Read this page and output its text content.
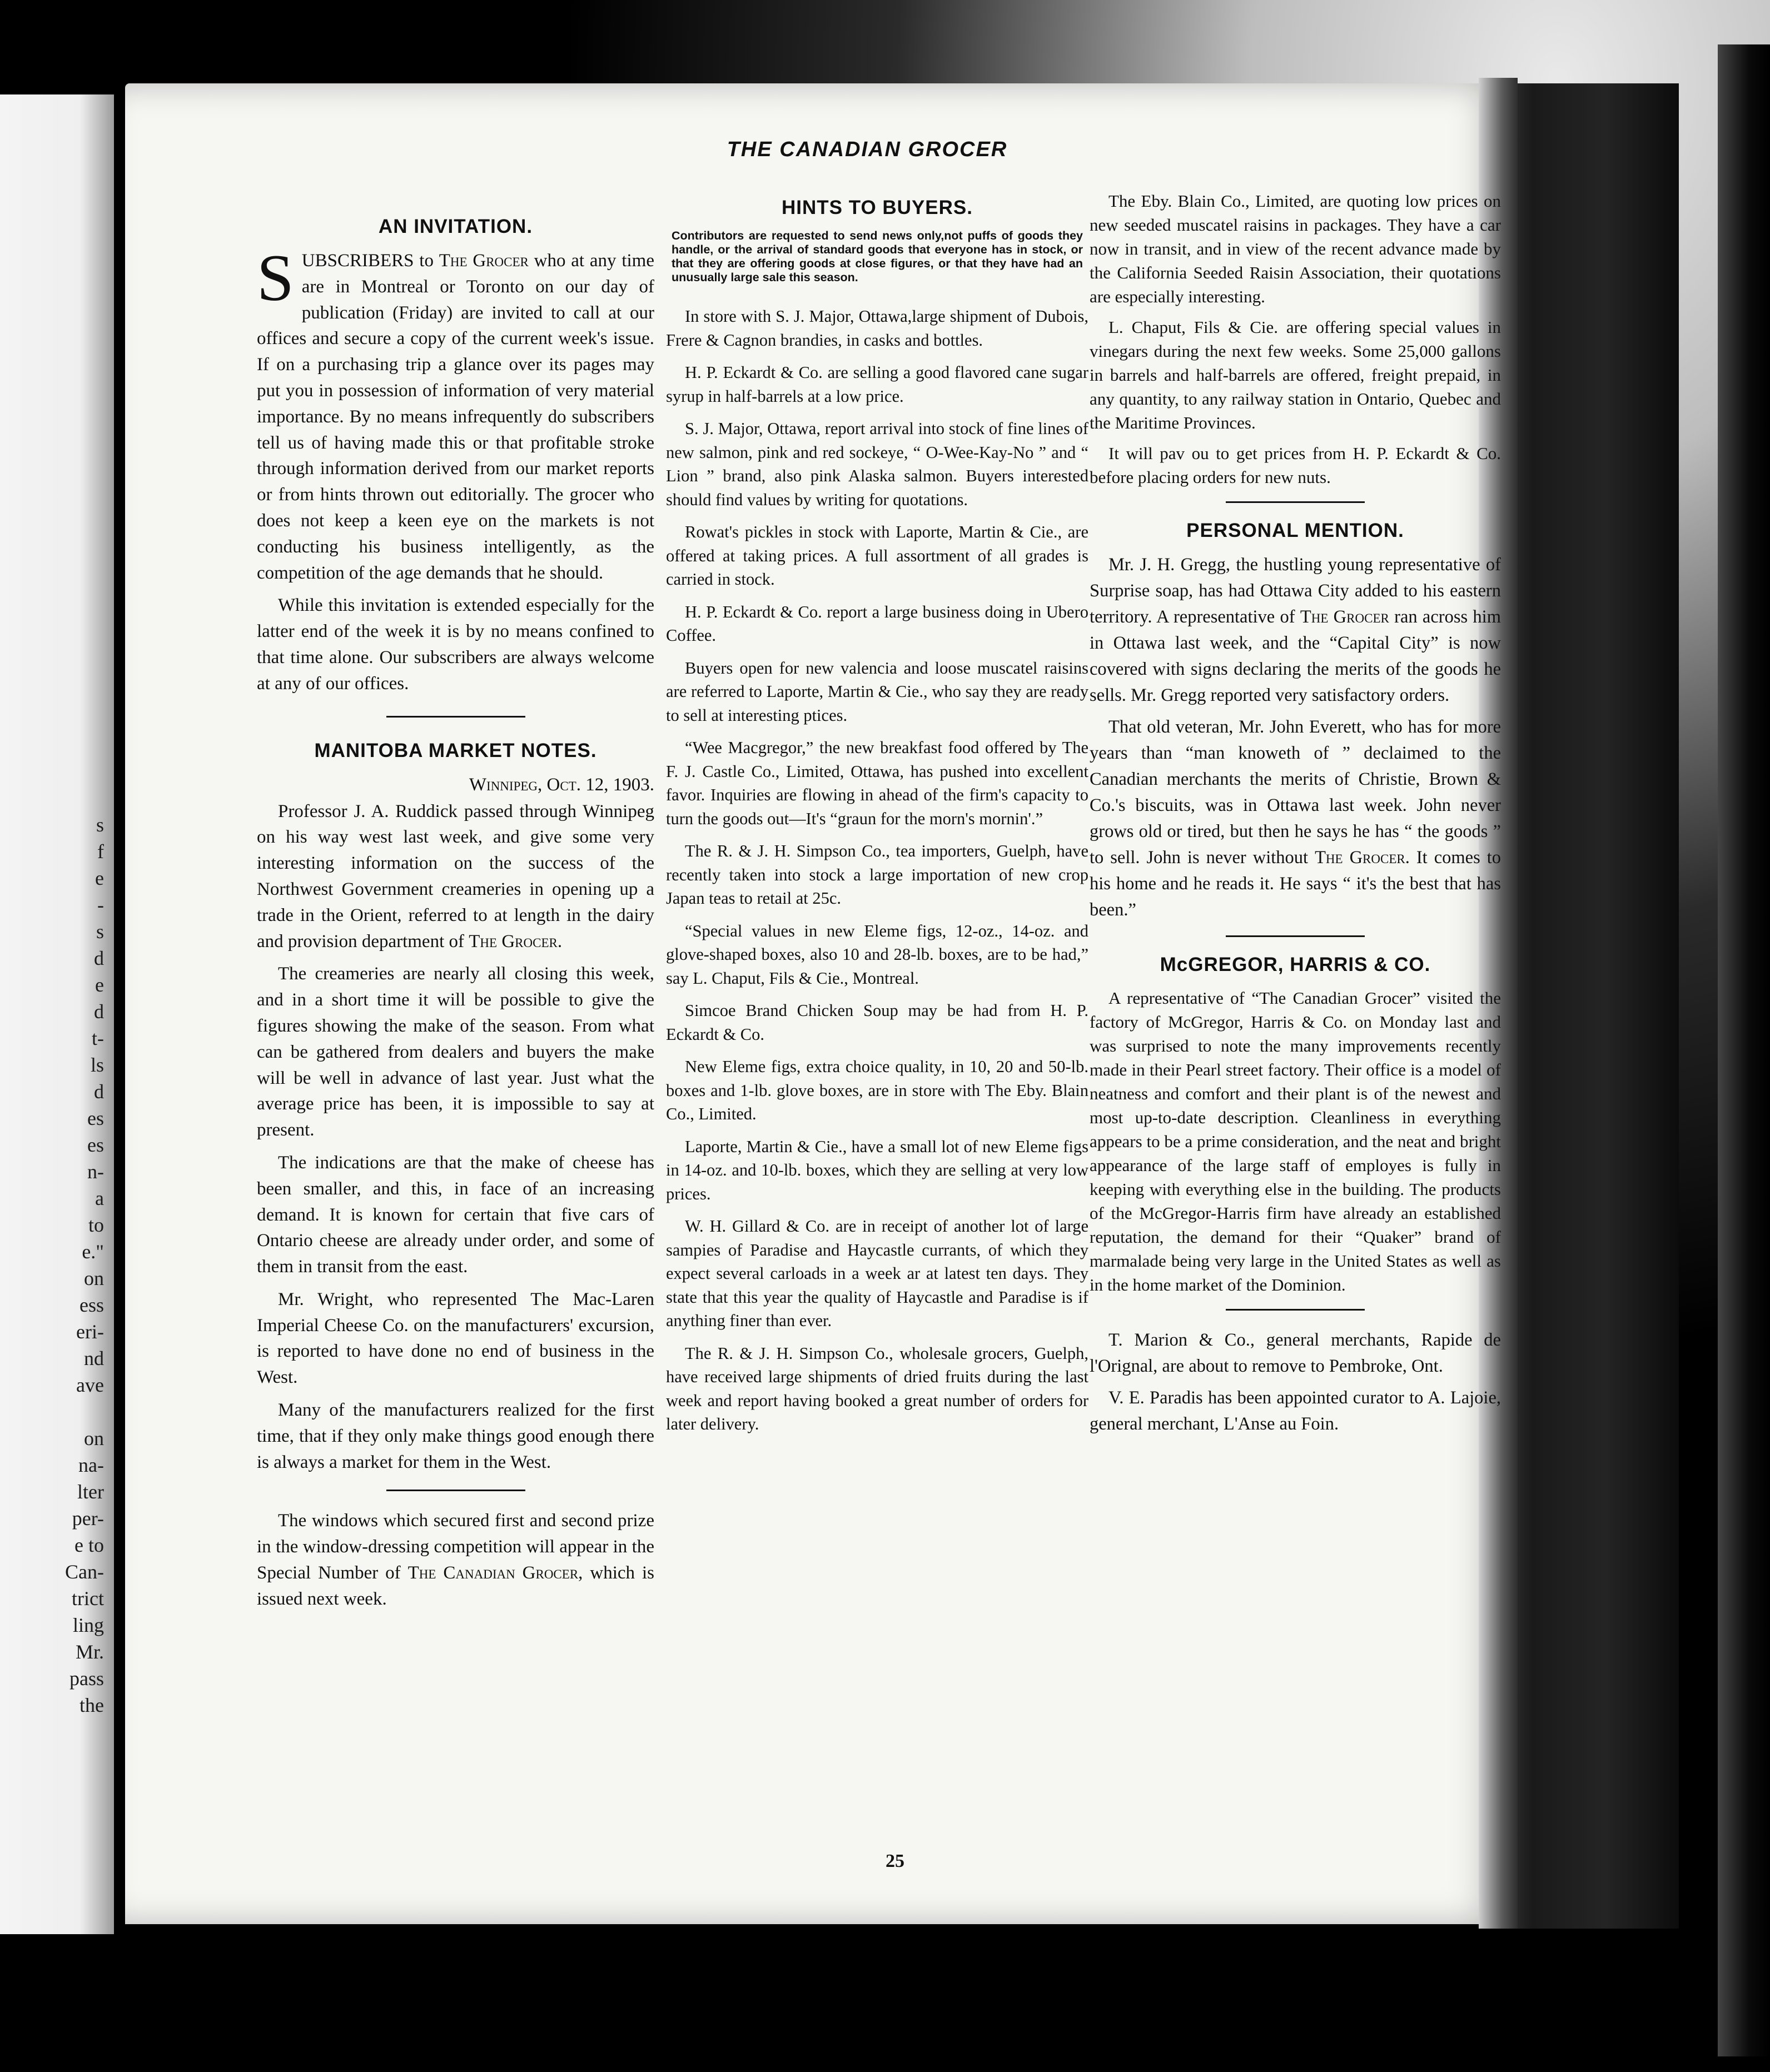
s
f
e
-
s
d
e
d
t-
ls
d
es
es
n-
a
to
e."
on
ess
eri-
nd
ave
on
na-
lter
per-
e to
Can-
trict
ling
Mr.
pass
the
THE CANADIAN GROCER
AN INVITATION.

SUBSCRIBERS to The Grocer who at any time are in Montreal or Toronto on our day of publication (Friday) are invited to call at our offices and secure a copy of the current week's issue. If on a purchasing trip a glance over its pages may put you in possession of information of very material importance. By no means infrequently do subscribers tell us of having made this or that profitable stroke through information derived from our market reports or from hints thrown out editorially. The grocer who does not keep a keen eye on the markets is not conducting his business intelligently, as the competition of the age demands that he should.

While this invitation is extended especially for the latter end of the week it is by no means confined to that time alone. Our subscribers are always welcome at any of our offices.

MANITOBA MARKET NOTES.
Winnipeg, Oct. 12, 1903.

Professor J. A. Ruddick passed through Winnipeg on his way west last week, and give some very interesting information on the success of the Northwest Government creameries in opening up a trade in the Orient, referred to at length in the dairy and provision department of The Grocer.

The creameries are nearly all closing this week, and in a short time it will be possible to give the figures showing the make of the season. From what can be gathered from dealers and buyers the make will be well in advance of last year. Just what the average price has been, it is impossible to say at present.

The indications are that the make of cheese has been smaller, and this, in face of an increasing demand. It is known for certain that five cars of Ontario cheese are already under order, and some of them in transit from the east.

Mr. Wright, who represented The Mac-Laren Imperial Cheese Co. on the manufacturers' excursion, is reported to have done no end of business in the West.

Many of the manufacturers realized for the first time, that if they only make things good enough there is always a market for them in the West.

The windows which secured first and second prize in the window-dressing competition will appear in the Special Number of The Canadian Grocer, which is issued next week.

HINTS TO BUYERS.

Contributors are requested to send news only,not puffs of goods they handle, or the arrival of standard goods that everyone has in stock, or that they are offering goods at close figures, or that they have had an unusually large sale this season.

In store with S. J. Major, Ottawa,large shipment of Dubois, Frere & Cagnon brandies, in casks and bottles.

H. P. Eckardt & Co. are selling a good flavored cane sugar syrup in half-barrels at a low price.

S. J. Major, Ottawa, report arrival into stock of fine lines of new salmon, pink and red sockeye, “ O-Wee-Kay-No ” and “ Lion ” brand, also pink Alaska salmon. Buyers interested should find values by writing for quotations.

Rowat's pickles in stock with Laporte, Martin & Cie., are offered at taking prices. A full assortment of all grades is carried in stock.

H. P. Eckardt & Co. report a large business doing in Ubero Coffee.

Buyers open for new valencia and loose muscatel raisins are referred to Laporte, Martin & Cie., who say they are ready to sell at interesting ptices.

“Wee Macgregor,” the new breakfast food offered by The F. J. Castle Co., Limited, Ottawa, has pushed into excellent favor. Inquiries are flowing in ahead of the firm's capacity to turn the goods out—It's “graun for the morn's mornin'.”

The R. & J. H. Simpson Co., tea importers, Guelph, have recently taken into stock a large importation of new crop Japan teas to retail at 25c.

“Special values in new Eleme figs, 12-oz., 14-oz. and glove-shaped boxes, also 10 and 28-lb. boxes, are to be had,” say L. Chaput, Fils & Cie., Montreal.

Simcoe Brand Chicken Soup may be had from H. P. Eckardt & Co.

New Eleme figs, extra choice quality, in 10, 20 and 50-lb. boxes and 1-lb. glove boxes, are in store with The Eby. Blain Co., Limited.

Laporte, Martin & Cie., have a small lot of new Eleme figs in 14-oz. and 10-lb. boxes, which they are selling at very low prices.

W. H. Gillard & Co. are in receipt of another lot of large sampies of Paradise and Haycastle currants, of which they expect several carloads in a week ar at latest ten days. They state that this year the quality of Haycastle and Paradise is if anything finer than ever.

The R. & J. H. Simpson Co., wholesale grocers, Guelph, have received large shipments of dried fruits during the last week and report having booked a great number of orders for later delivery.

The Eby. Blain Co., Limited, are quoting low prices on new seeded muscatel raisins in packages. They have a car now in transit, and in view of the recent advance made by the California Seeded Raisin Association, their quotations are especially interesting.

L. Chaput, Fils & Cie. are offering special values in vinegars during the next few weeks. Some 25,000 gallons in barrels and half-barrels are offered, freight prepaid, in any quantity, to any railway station in Ontario, Quebec and the Maritime Provinces.

It will pav ou to get prices from H. P. Eckardt & Co. before placing orders for new nuts.

PERSONAL MENTION.

Mr. J. H. Gregg, the hustling young representative of Surprise soap, has had Ottawa City added to his eastern territory. A representative of The Grocer ran across him in Ottawa last week, and the “Capital City” is now covered with signs declaring the merits of the goods he sells. Mr. Gregg reported very satisfactory orders.

That old veteran, Mr. John Everett, who has for more years than “man knoweth of ” declaimed to the Canadian merchants the merits of Christie, Brown & Co.'s biscuits, was in Ottawa last week. John never grows old or tired, but then he says he has “ the goods ” to sell. John is never without The Grocer. It comes to his home and he reads it. He says “ it's the best that has been.”

McGREGOR, HARRIS & CO.

A representative of “The Canadian Grocer” visited the factory of McGregor, Harris & Co. on Monday last and was surprised to note the many improvements recently made in their Pearl street factory. Their office is a model of neatness and comfort and their plant is of the newest and most up-to-date description. Cleanliness in everything appears to be a prime consideration, and the neat and bright appearance of the large staff of employes is fully in keeping with everything else in the building. The products of the McGregor-Harris firm have already an established reputation, the demand for their “Quaker” brand of marmalade being very large in the United States as well as in the home market of the Dominion.

T. Marion & Co., general merchants, Rapide de l'Orignal, are about to remove to Pembroke, Ont.

V. E. Paradis has been appointed curator to A. Lajoie, general merchant, L'Anse au Foin.

25
